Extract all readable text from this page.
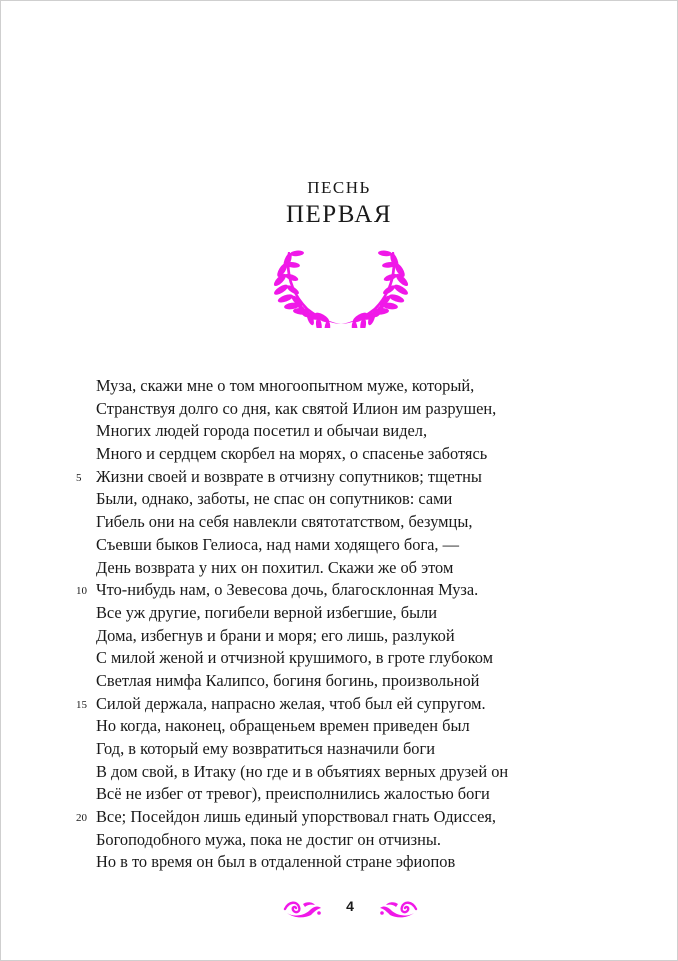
ПЕСНЬ
ПЕРВАЯ
Муза, скажи мне о том многоопытном муже, который,
Странствуя долго со дня, как святой Илион им разрушен,
Многих людей города посетил и обычаи видел,
Много и сердцем скорбел на морях, о спасенье заботясь
5 Жизни своей и возврате в отчизну сопутников; тщетны
Были, однако, заботы, не спас он сопутников: сами
Гибель они на себя навлекли святотатством, безумцы,
Съевши быков Гелиоса, над нами ходящего бога, —
День возврата у них он похитил. Скажи же об этом
10 Что-нибудь нам, о Зевесова дочь, благосклонная Муза.
Все уж другие, погибели верной избегшие, были
Дома, избегнув и брани и моря; его лишь, разлукой
С милой женой и отчизной крушимого, в гроте глубоком
Светлая нимфа Калипсо, богиня богинь, произвольной
15 Силой держала, напрасно желая, чтоб был ей супругом.
Но когда, наконец, обращеньем времен приведен был
Год, в который ему возвратиться назначили боги
В дом свой, в Итаку (но где и в объятиях верных друзей он
Всё не избег от тревог), преисполнились жалостью боги
20 Все; Посейдон лишь единый упорствовал гнать Одиссея,
Богоподобного мужа, пока не достиг он отчизны.
Но в то время он был в отдаленной стране эфиопов
4
